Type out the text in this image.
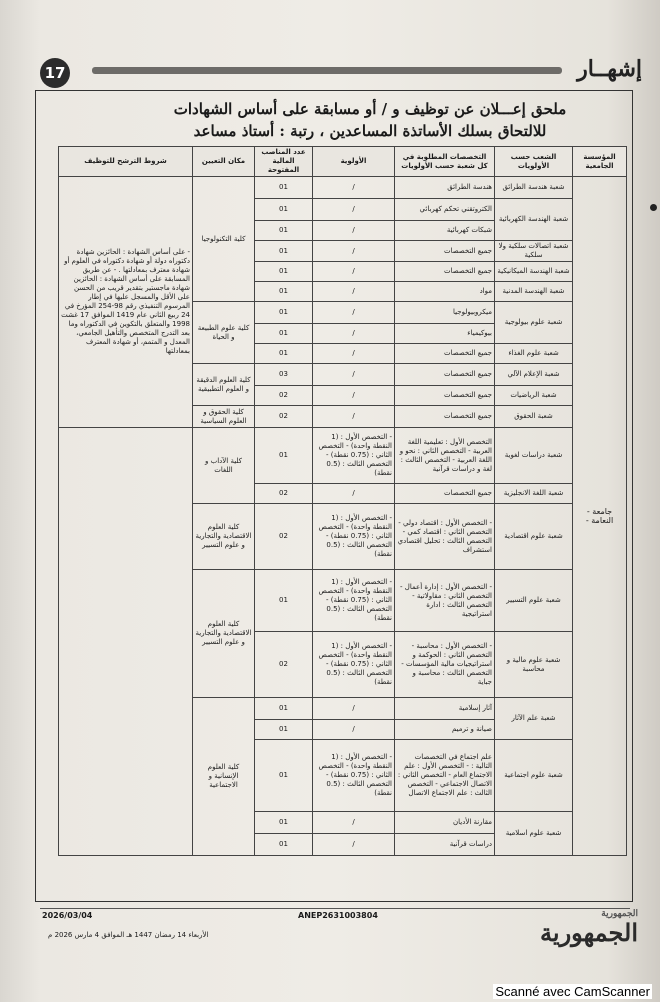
17	إشهــار
ملحق إعـــلان عن توظيف و / أو مسابقة على أساس الشهادات
للالتحاق بسلك الأساتذة المساعدين ، رتبة : أستاذ مساعد
المؤسسة الجامعية	الشعب حسب الأولويات	التخصصات المطلوبة في كل شعبة حسب الأولويات	الأولوية	عدد المناصب المالية المفتوحة	مكان التعيين	شروط الترشح للتوظيف
جامعة - النعامة -	شعبة هندسة الطرائق	هندسة الطرائق	/	01	كلية التكنولوجيا	- على أساس الشهادة : الحائزين شهادة دكتوراه دولة أو شهادة دكتوراه في العلوم أو شهادة معترف بمعادلتها . - عن طريق المسابقة على أساس الشهادة : الحائزين شهادة ماجستير بتقدير قريب من الحسن على الأقل والمسجل عليها في إطار المرسوم التنفيذي رقم 98-254 المؤرخ في 24 ربيع الثاني عام 1419 الموافق 17 غشت 1998 والمتعلق بالتكوين في الدكتوراه وما بعد التدرج المتخصص والتأهيل الجامعي، المعدل و المتمم، أو شهادة المعترف بمعادلتها
	شعبة الهندسة الكهربائية	الكتروتقني تحكم كهربائي	/	01		
		شبكات كهربائية	/	01		
	شعبة اتصالات سلكية ولا سلكية	جميع التخصصات	/	01		
	شعبة الهندسة الميكانيكية	جميع التخصصات	/	01		
	شعبة الهندسة المدنية	مواد	/	01		
	شعبة علوم بيولوجية	ميكروبيولوجيا	/	01	كلية علوم الطبيعة و الحياة	
		بيوكيمياء	/	01		
	شعبة علوم الغذاء	جميع التخصصات	/	01		
	شعبة الإعلام الآلي	جميع التخصصات	/	03	كلية العلوم الدقيقة و العلوم التطبيقية	
	شعبة الرياضيات	جميع التخصصات	/	02		
	شعبة الحقوق	جميع التخصصات	/	02	كلية الحقوق و العلوم السياسية	
	شعبة دراسات لغوية	التخصص الأول : تعليمية اللغة العربية - التخصص الثاني : نحو و اللغة العربية - التخصص الثالث : لغة و دراسات قرآنية	- التخصص الأول : (1 النقطة واحدة) - التخصص الثاني : (0.75 نقطة) - التخصص الثالث : (0.5 نقطة)	01	كلية الآداب و اللغات	
	شعبة اللغة الانجليزية	جميع التخصصات	/	02		
	شعبة علوم اقتصادية	- التخصص الأول : اقتصاد دولي - التخصص الثاني : اقتصاد كمي - التخصص الثالث : تحليل اقتصادي استشراف	- التخصص الأول : (1 النقطة واحدة) - التخصص الثاني : (0.75 نقطة) - التخصص الثالث : (0.5 نقطة)	02	كلية العلوم الاقتصادية والتجارية و علوم التسيير	
	شعبة علوم التسيير	- التخصص الأول : إدارة أعمال - التخصص الثاني : مقاولاتية - التخصص الثالث : ادارة استراتيجية	- التخصص الأول : (1 النقطة واحدة) - التخصص الثاني : (0.75 نقطة) - التخصص الثالث : (0.5 نقطة)	01	كلية العلوم الاقتصادية والتجارية و علوم التسيير	
	شعبة علوم مالية و محاسبة	- التخصص الأول : محاسبة - التخصص الثاني : الحوكمة و استراتيجيات مالية المؤسسات - التخصص الثالث : محاسبة و جباية	- التخصص الأول : (1 النقطة واحدة) - التخصص الثاني : (0.75 نقطة) - التخصص الثالث : (0.5 نقطة)	02		
	شعبة علم الآثار	آثار إسلامية	/	01	كلية العلوم الإنسانية و الاجتماعية	
		صيانة و ترميم	/	01		
	شعبة علوم اجتماعية	علم اجتماع في التخصصات التالية : - التخصص الأول : علم الاجتماع العام - التخصص الثاني : الاتصال الاجتماعي - التخصص الثالث : علم الاجتماع الاتصال	- التخصص الأول : (1 النقطة واحدة) - التخصص الثاني : (0.75 نقطة) - التخصص الثالث : (0.5 نقطة)	01		
	شعبة علوم اسلامية	مقارنة الأديان	/	01		
		دراسات قرآنية	/	01		
2026/03/04	ANEP2631003804	الجمهورية
الأربعاء 14 رمضان 1447 هـ الموافق 4 مارس 2026 م	الجمهورية
Scanné avec CamScanner
